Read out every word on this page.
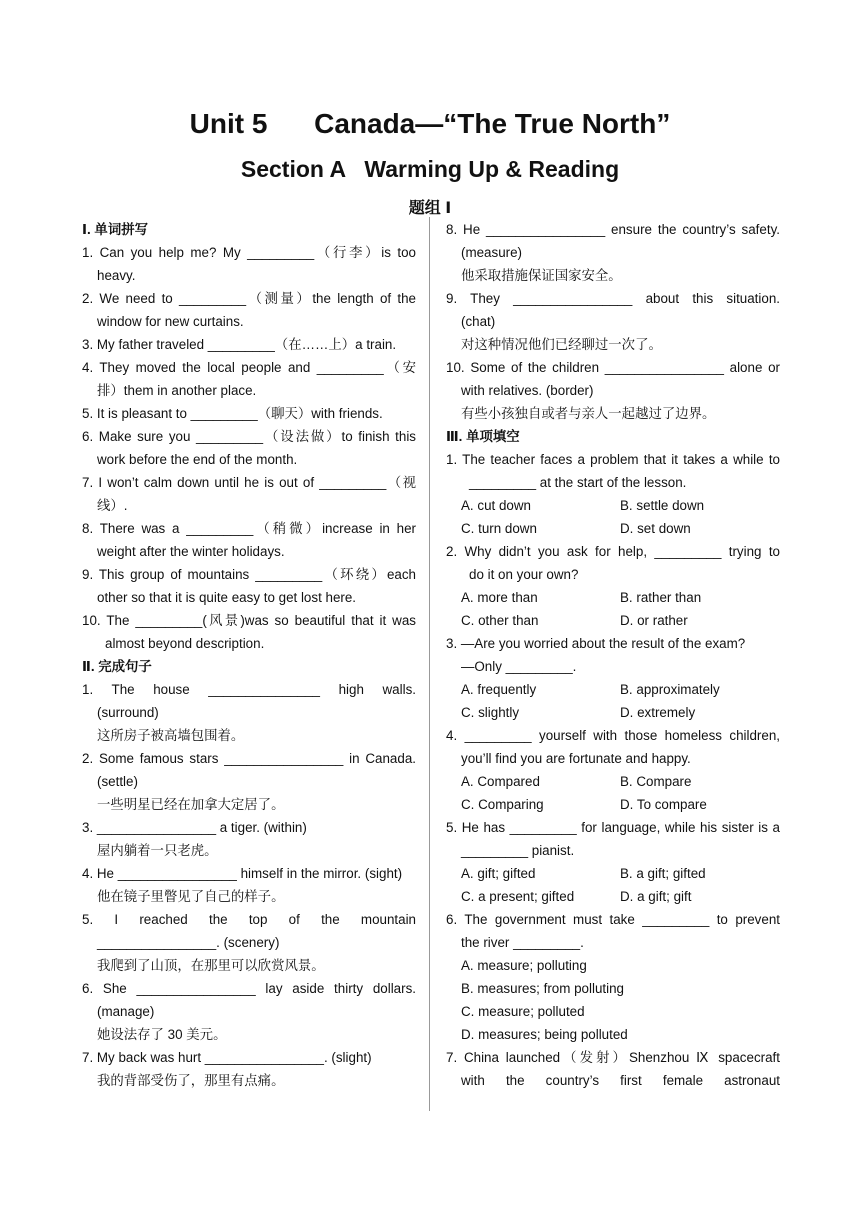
Unit 5      Canada—“The True North”
Section A   Warming Up & Reading
题组 Ⅰ
Ⅰ. 单词拼写
1. Can you help me? My _________（行李）is too
heavy.
2. We need to _________（测量）the length of the
window for new curtains.
3. My father traveled _________（在……上）a train.
4. They moved the local people and _________（安
排）them in another place.
5. It is pleasant to _________（聊天）with friends.
6. Make sure you _________（设法做）to finish this
work before the end of the month.
7. I won’t calm down until he is out of _________（视
线）.
8. There was a _________（稍微）increase in her
weight after the winter holidays.
9. This group of mountains _________（环绕）each
other so that it is quite easy to get lost here.
10. The _________(风景)was so beautiful that it was
almost beyond description.
Ⅱ. 完成句子
1. The house _______________ high walls.
(surround)
这所房子被高墙包围着。
2. Some famous stars ________________ in Canada.
(settle)
一些明星已经在加拿大定居了。
3. ________________ a tiger. (within)
屋内躺着一只老虎。
4. He ________________ himself in the mirror. (sight)
他在镜子里瞥见了自己的样子。
5. I reached the top of the mountain
________________. (scenery)
我爬到了山顶，在那里可以欣赏风景。
6. She ________________ lay aside thirty dollars.
(manage)
她设法存了 30 美元。
7. My back was hurt ________________. (slight)
我的背部受伤了，那里有点痛。
8. He ________________ ensure the country’s safety.
(measure)
他采取措施保证国家安全。
9. They ________________ about this situation.
(chat)
对这种情况他们已经聊过一次了。
10. Some of the children ________________ alone or
with relatives. (border)
有些小孩独自或者与亲人一起越过了边界。
Ⅲ. 单项填空
1. The teacher faces a problem that it takes a while to
_________ at the start of the lesson.
A. cut down	B. settle down
C. turn down	D. set down
2. Why didn’t you ask for help, _________ trying to
do it on your own?
A. more than	B. rather than
C. other than	D. or rather
3. —Are you worried about the result of the exam?
—Only _________.
A. frequently	B. approximately
C. slightly	D. extremely
4. _________ yourself with those homeless children,
you’ll find you are fortunate and happy.
A. Compared	B. Compare
C. Comparing	D. To compare
5. He has _________ for language, while his sister is a
_________ pianist.
A. gift; gifted	B. a gift; gifted
C. a present; gifted	D. a gift; gift
6. The government must take _________ to prevent
the river _________.
A. measure; polluting
B. measures; from polluting
C. measure; polluted
D. measures; being polluted
7. China launched（发射）Shenzhou Ⅸ spacecraft
with the country’s first female astronaut
